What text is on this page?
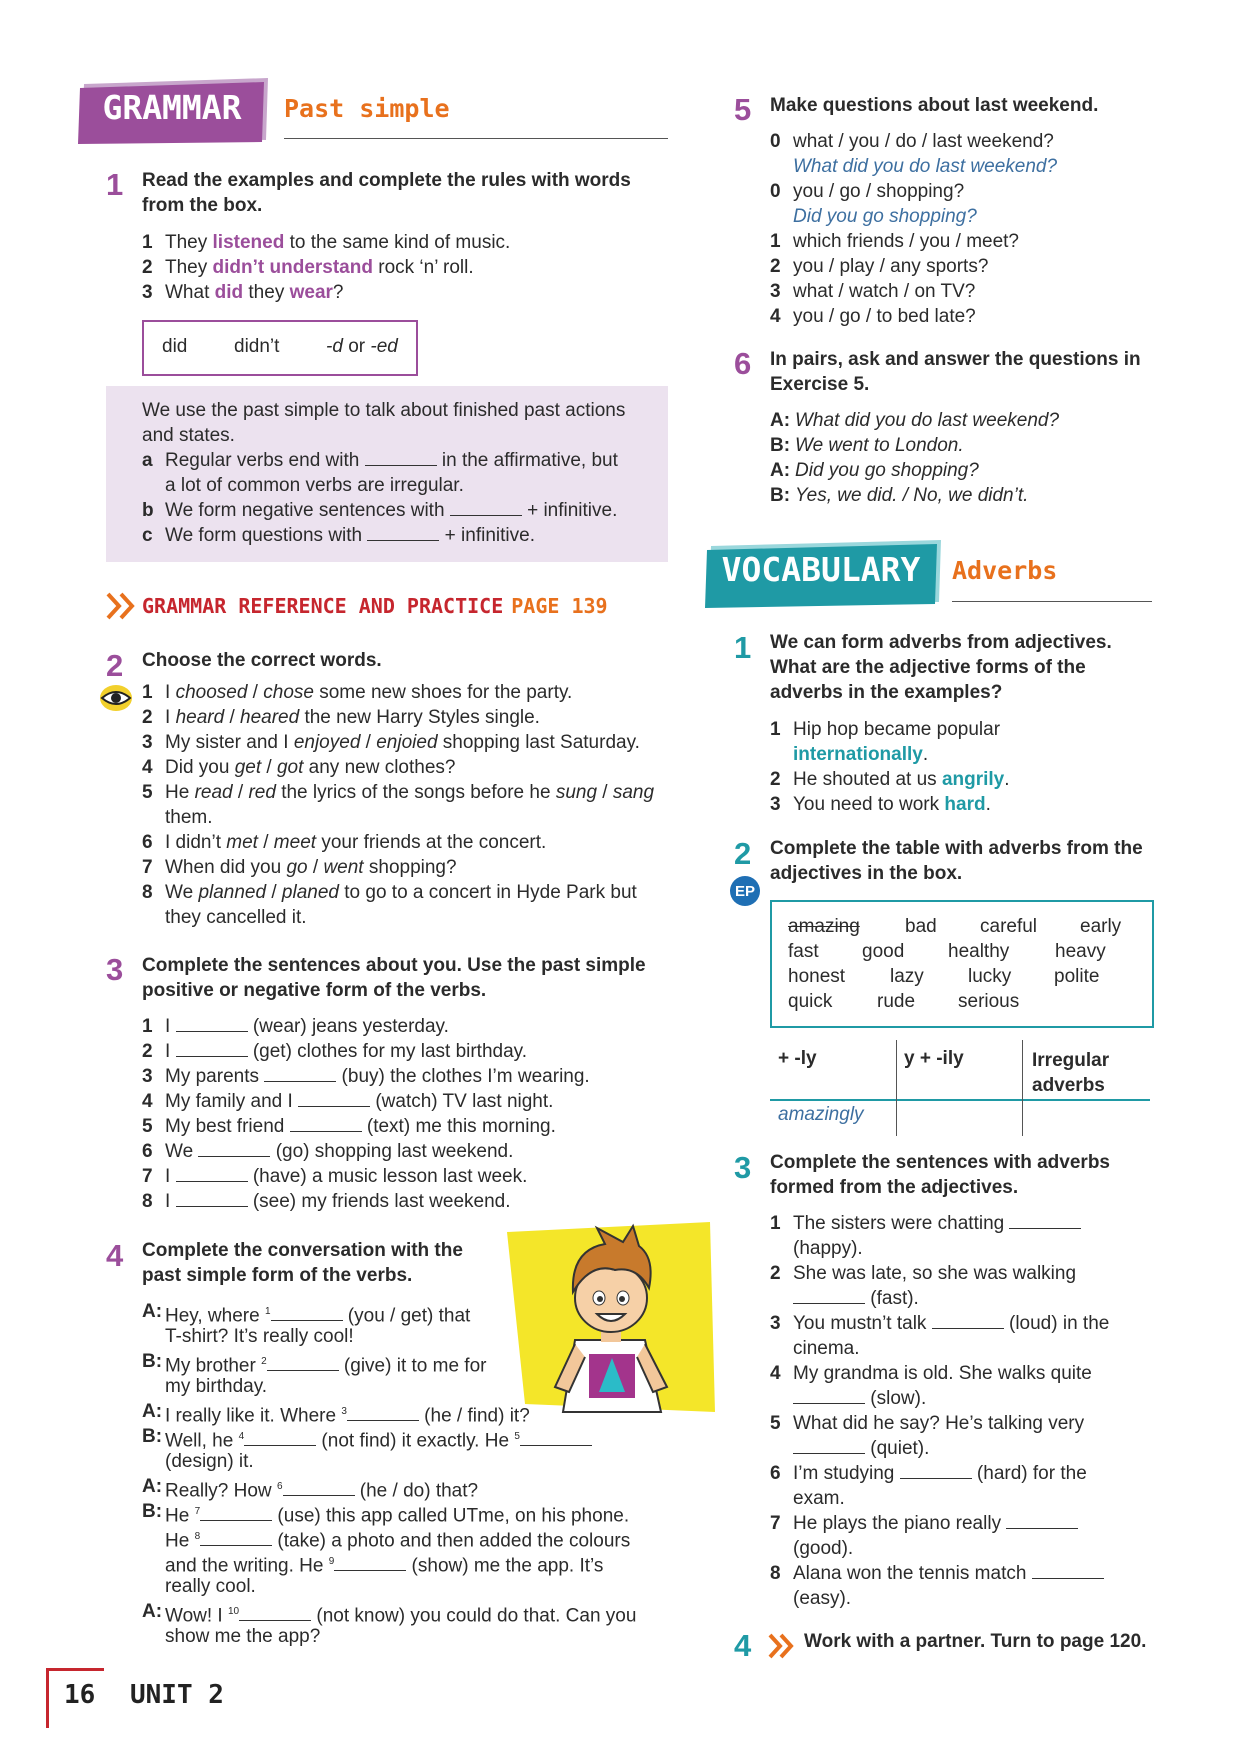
GRAMMAR	Past simple
1 Read the examples and complete the rules with words
from the box.
1 They listened to the same kind of music.
2 They didn’t understand rock ‘n’ roll.
3 What did they wear?
did didn’t -d or -ed
We use the past simple to talk about finished past actions
and states.
a Regular verbs end with	in the affirmative, but
a lot of common verbs are irregular.
b We form negative sentences with	+ infinitive.
c We form questions with	+ infinitive.
GRAMMAR REFERENCE AND PRACTICE PAGE 139
2 Choose the correct words.
3 Complete the sentences about you. Use the past simple
positive or negative form of the verbs.
4 Complete the conversation with the
past simple form of the verbs.
16 UNIT 2
5 Make questions about last weekend.
6 In pairs, ask and answer the questions in
Exercise 5.
VOCABULARY	Adverbs
1 We can form adverbs from adjectives.
What are the adjective forms of the
adverbs in the examples?
1 Hip hop became popular
internationally.
2 He shouted at us angrily.
3 You need to work hard.
2
EP
Complete the table with adverbs from the
adjectives in the box.
+ -ly	y + -ily	Irregular
adverbs
amazingly
3 Complete the sentences with adverbs
formed from the adjectives.
4	Work with a partner. Turn to page 120.
1 I choosed / chose some new shoes for the party.
2 I heard / heared the new Harry Styles single.
3 My sister and I enjoyed / enjoied shopping last Saturday.
4 Did you get / got any new clothes?
5 He read / red the lyrics of the songs before he sung / sang
them.
6 I didn’t met / meet your friends at the concert.
7 When did you go / went shopping?
8 We planned / planed to go to a concert in Hyde Park but
they cancelled it.
1 I	(wear) jeans yesterday.
2 I	(get) clothes for my last birthday.
3 My parents	(buy) the clothes I’m wearing.
4 My family and I	(watch) TV last night.
5 My best friend	(text) me this morning.
6 We	(go) shopping last weekend.
7 I	(have) a music lesson last week.
8 I	(see) my friends last weekend.
A: Hey, where $^1$	(you / get) that
T-shirt? It’s really cool!
B: My brother $^2$	(give) it to me for
my birthday.
A: I really like it. Where $^3$	(he / find) it?
B: Well, he $^4$	(not find) it exactly. He $^5$
(design) it.
A: Really? How $^6$	(he / do) that?
B: He $^7$	(use) this app called UTme, on his phone.
He $^8$	(take) a photo and then added the colours
and the writing. He $^9$	(show) me the app. It’s
really cool.
A: Wow! I $^{10}$	(not know) you could do that. Can you
show me the app?
0 what / you / do / last weekend?
What did you do last weekend?
0 you / go / shopping?
Did you go shopping?
1 which friends / you / meet?
2 you / play / any sports?
3 what / watch / on TV?
4 you / go / to bed late?
A: What did you do last weekend?
B: We went to London.
A: Did you go shopping?
B: Yes, we did. / No, we didn’t.
amazing bad careful early
fast good healthy heavy
honest lazy lucky polite
quick rude serious
1 The sisters were chatting
(happy).
2 She was late, so she was walking
(fast).
3 You mustn’t talk	(loud) in the
cinema.
4 My grandma is old. She walks quite
(slow).
5 What did he say? He’s talking very
(quiet).
6 I’m studying	(hard) for the
exam.
7 He plays the piano really
(good).
8 Alana won the tennis match
(easy).
